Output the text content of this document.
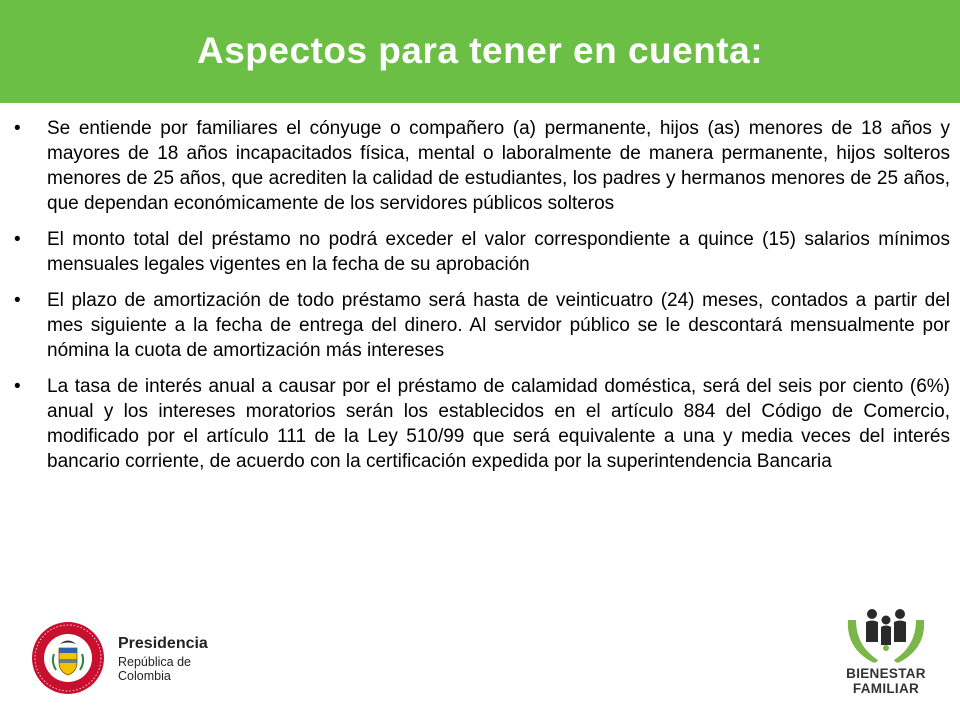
Aspectos para tener en cuenta:
•	Se entiende por familiares el cónyuge o compañero (a) permanente, hijos (as) menores de 18 años y mayores de 18 años incapacitados física, mental o laboralmente de manera permanente, hijos solteros menores de 25 años, que acrediten la calidad de estudiantes, los padres y hermanos menores de 25 años, que dependan económicamente de los servidores públicos solteros
•	El monto total del préstamo no podrá exceder el valor correspondiente a quince (15) salarios mínimos mensuales legales vigentes en la fecha de su aprobación
•	El plazo de amortización de todo préstamo será hasta de veinticuatro (24) meses, contados a partir del mes siguiente a la fecha de entrega del dinero. Al servidor público se le descontará mensualmente por nómina la cuota de amortización más intereses
•	La tasa de interés anual a causar por el préstamo de calamidad doméstica, será del seis por ciento (6%) anual y los intereses moratorios serán los establecidos en el artículo 884 del Código de Comercio, modificado por el artículo 111 de la Ley 510/99 que será equivalente a una y media veces del interés bancario corriente, de acuerdo con la certificación expedida por la superintendencia Bancaria
Presidencia
República de Colombia	BIENESTAR
FAMILIAR
